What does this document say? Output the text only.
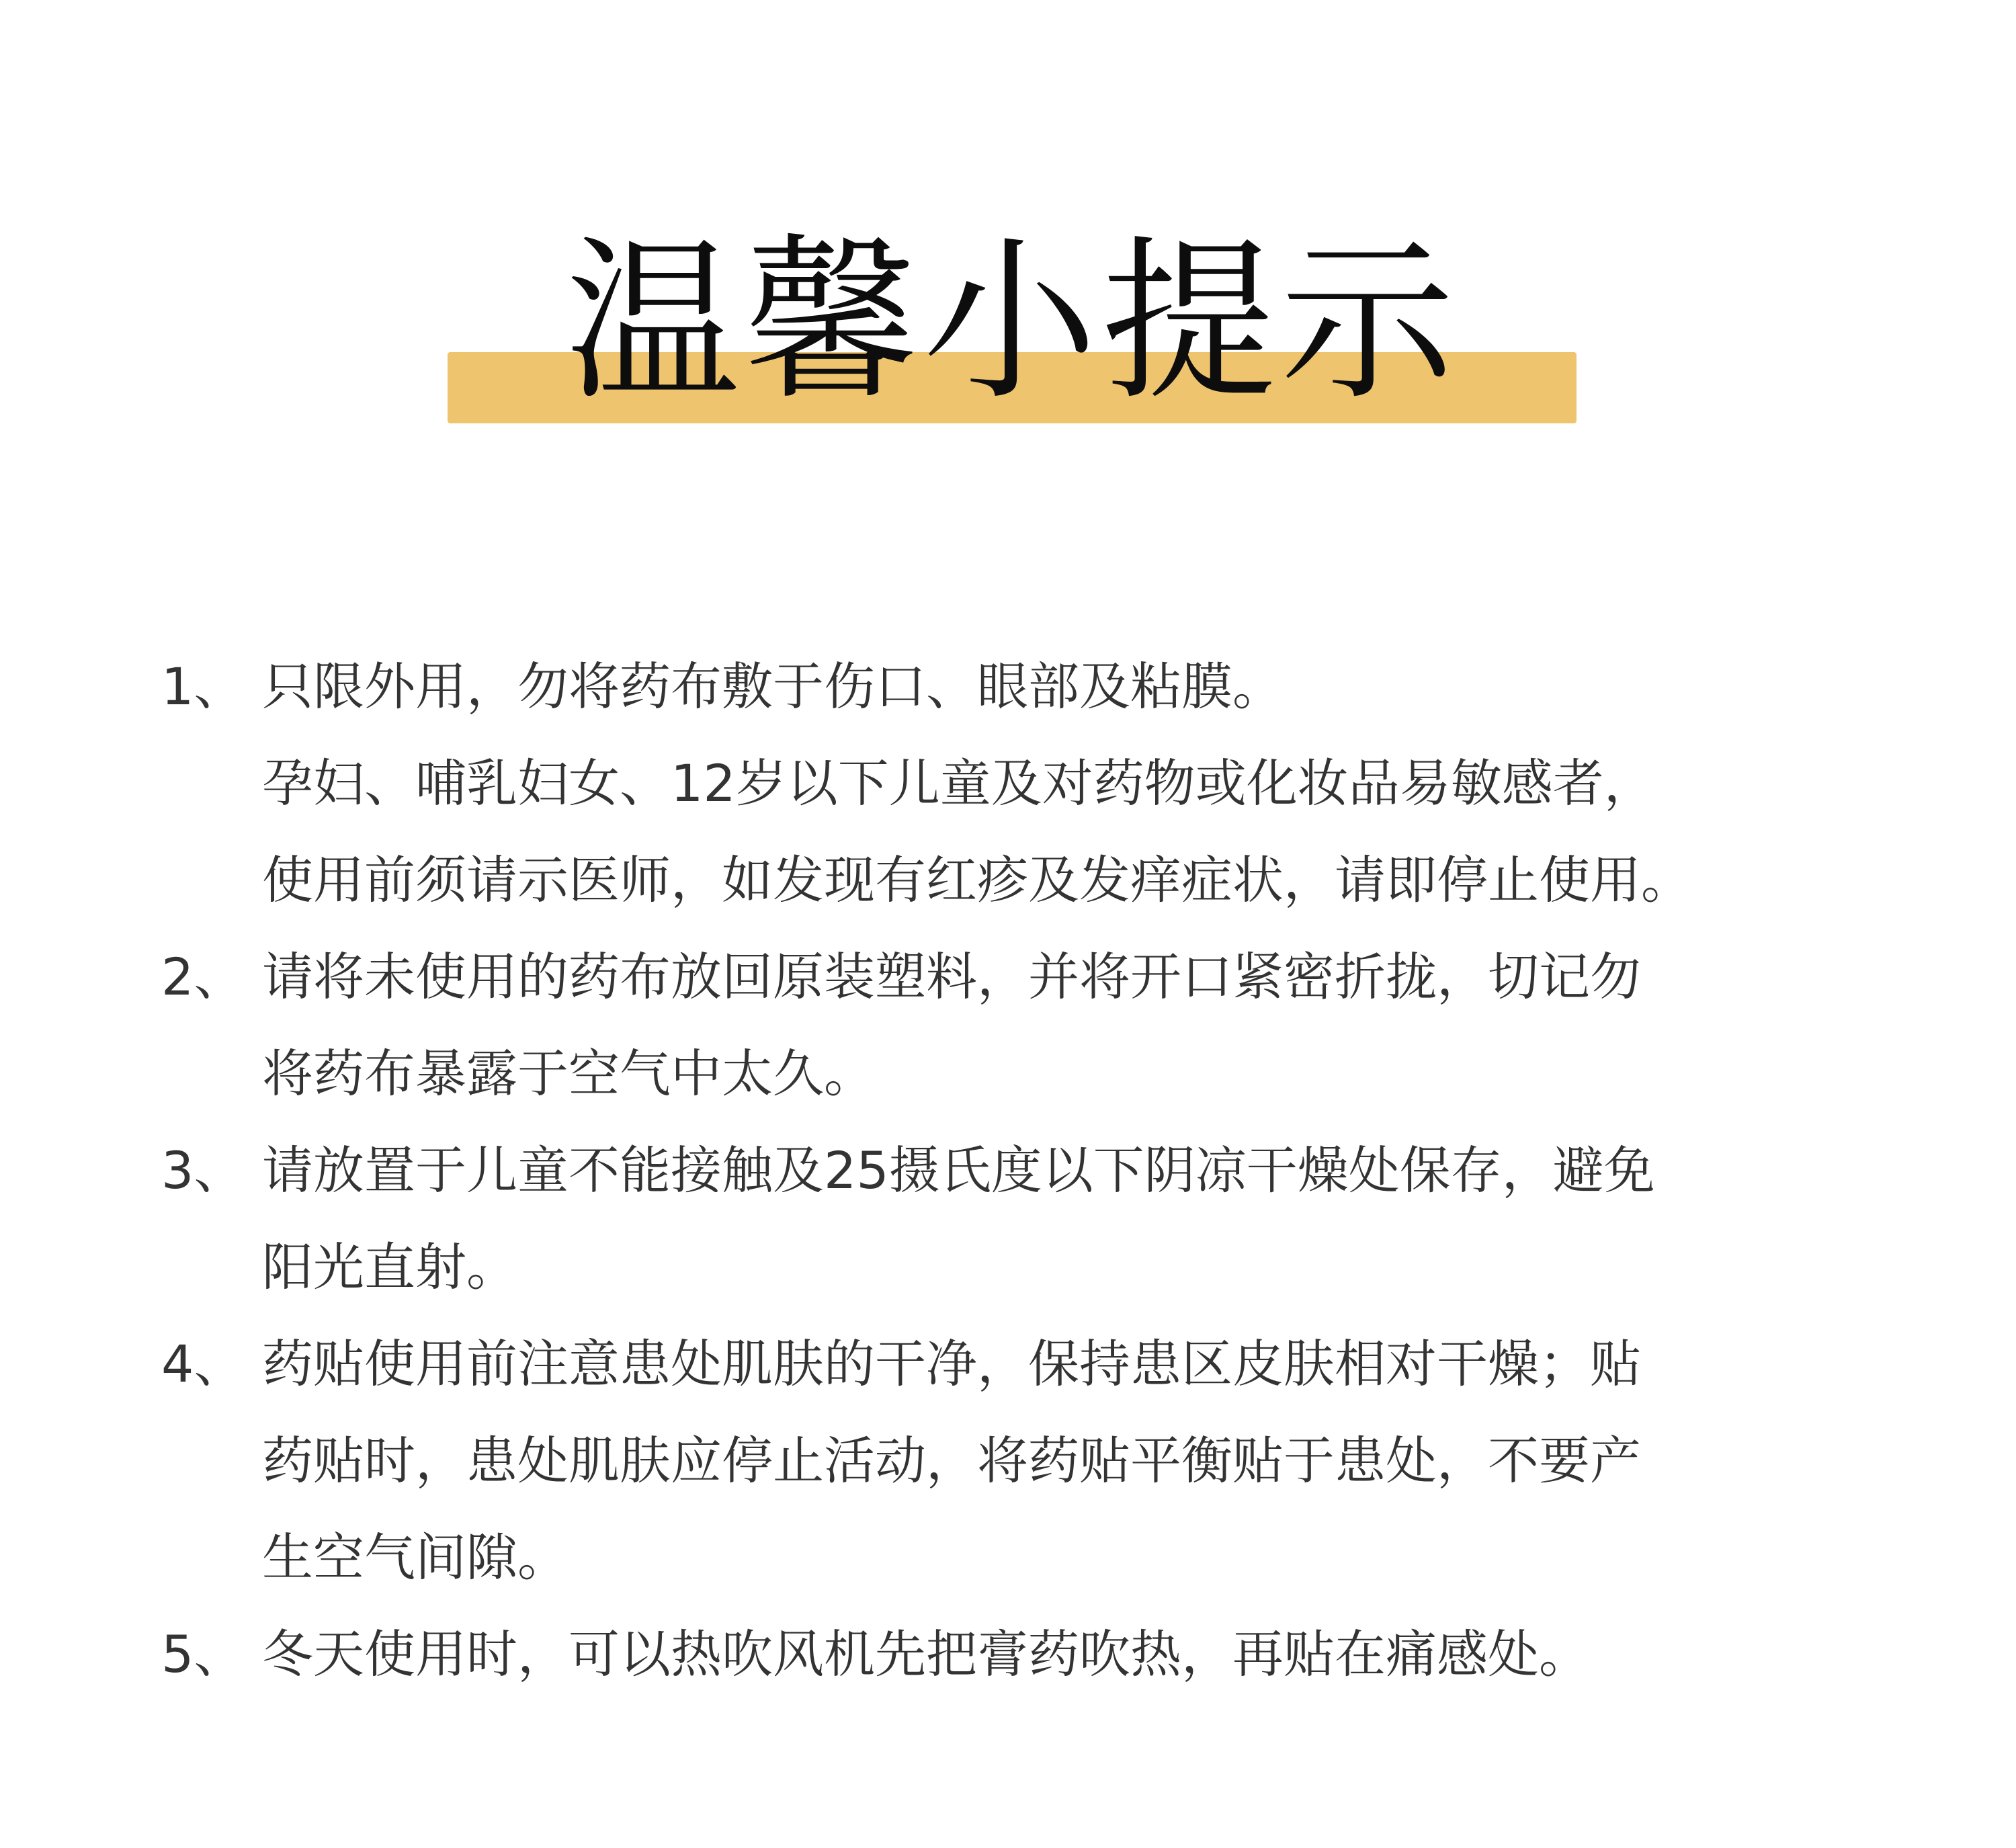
温馨小提示
1、 只限外用，勿将药布敷于伤口、眼部及粘膜。
孕妇、哺乳妇女、12岁以下儿童及对药物或化妆品易敏感者，
使用前须请示医师，如发现有红疹及发痒症状，请即停止使用。
2、 请将未使用的药布放回原装塑料，并将开口紧密折拢，切记勿
将药布暴露于空气中太久。
3、 请放置于儿童不能接触及25摄氏度以下阴凉干燥处保存，避免
阳光直射。
4、 药贴使用前注意患处肌肤的干净，保持患区皮肤相对干燥；贴
药贴时，患处肌肤应停止活动，将药贴平衡贴于患处，不要产
生空气间隙。
5、 冬天使用时，可以热吹风机先把膏药吹热，再贴在痛感处。
